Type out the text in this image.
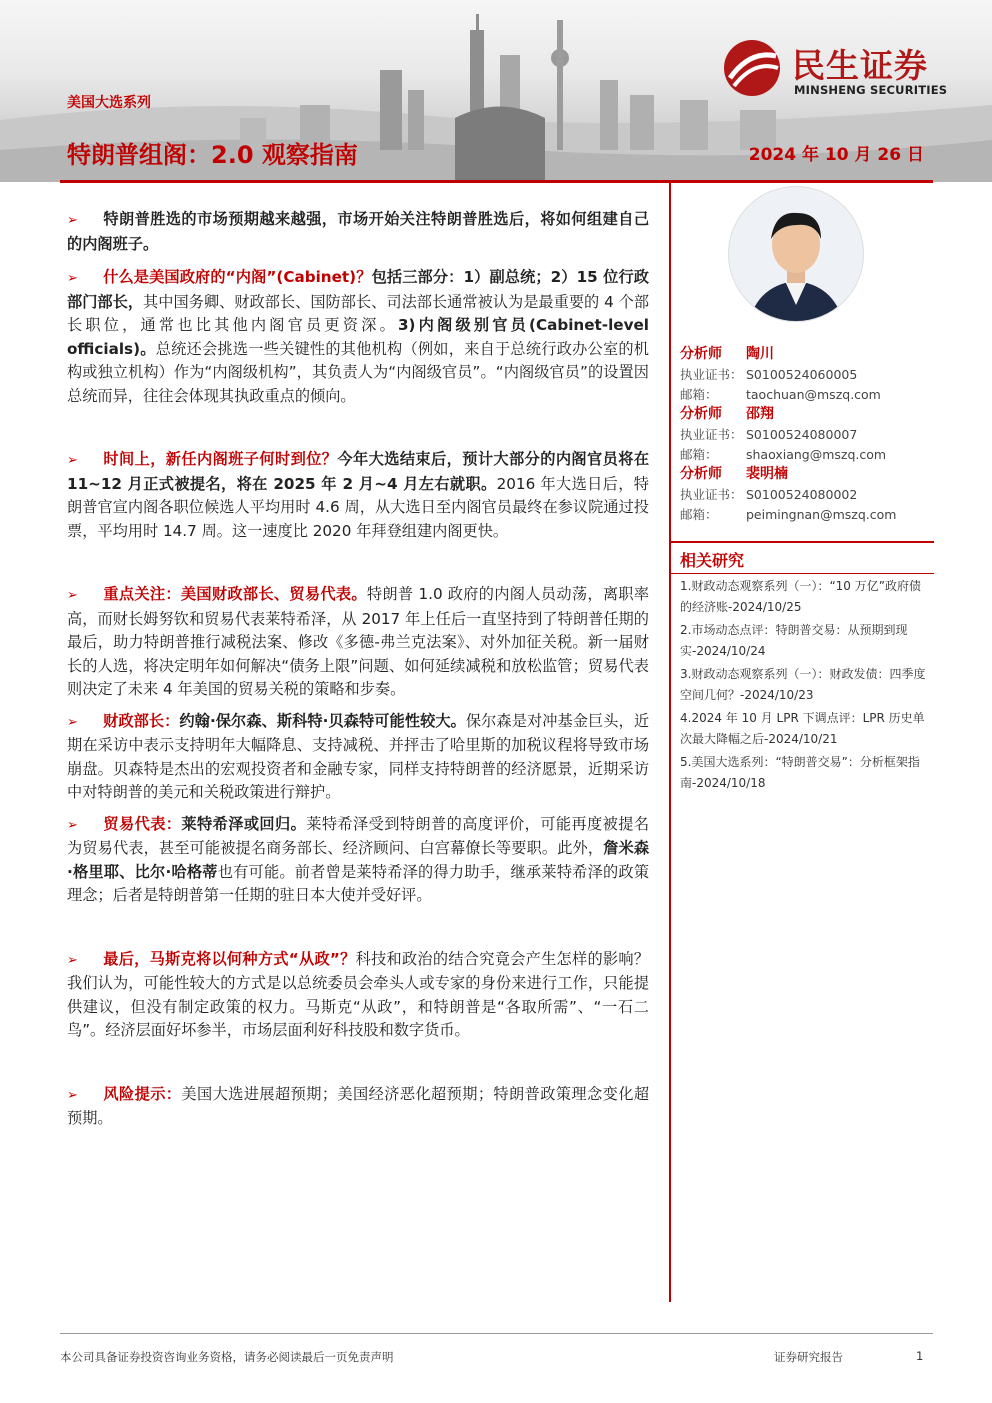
民生证券
MINSHENG SECURITIES
美国大选系列
特朗普组阁：2.0 观察指南	2024 年 10 月 26 日

➢ 特朗普胜选的市场预期越来越强，市场开始关注特朗普胜选后，将如何组建自己的内阁班子。

➢ 什么是美国政府的“内阁”(Cabinet)？包括三部分：1）副总统；2）15 位行政部门部长，其中国务卿、财政部长、国防部长、司法部长通常被认为是最重要的 4 个部长职位，通常也比其他内阁官员更资深。3)内阁级别官员(Cabinet-level officials)。总统还会挑选一些关键性的其他机构（例如，来自于总统行政办公室的机构或独立机构）作为“内阁级机构”，其负责人为“内阁级官员”。“内阁级官员”的设置因总统而异，往往会体现其执政重点的倾向。

➢ 时间上，新任内阁班子何时到位？今年大选结束后，预计大部分的内阁官员将在 11~12 月正式被提名，将在 2025 年 2 月~4 月左右就职。2016 年大选日后，特朗普官宣内阁各职位候选人平均用时 4.6 周，从大选日至内阁官员最终在参议院通过投票，平均用时 14.7 周。这一速度比 2020 年拜登组建内阁更快。

➢ 重点关注：美国财政部长、贸易代表。特朗普 1.0 政府的内阁人员动荡，离职率高，而财长姆努钦和贸易代表莱特希泽，从 2017 年上任后一直坚持到了特朗普任期的最后，助力特朗普推行减税法案、修改《多德-弗兰克法案》、对外加征关税。新一届财长的人选，将决定明年如何解决“债务上限”问题、如何延续减税和放松监管；贸易代表则决定了未来 4 年美国的贸易关税的策略和步奏。

➢ 财政部长：约翰·保尔森、斯科特·贝森特可能性较大。保尔森是对冲基金巨头，近期在采访中表示支持明年大幅降息、支持减税、并抨击了哈里斯的加税议程将导致市场崩盘。贝森特是杰出的宏观投资者和金融专家，同样支持特朗普的经济愿景，近期采访中对特朗普的美元和关税政策进行辩护。

➢ 贸易代表：莱特希泽或回归。莱特希泽受到特朗普的高度评价，可能再度被提名为贸易代表，甚至可能被提名商务部长、经济顾问、白宫幕僚长等要职。此外，詹米森·格里耶、比尔·哈格蒂也有可能。前者曾是莱特希泽的得力助手，继承莱特希泽的政策理念；后者是特朗普第一任期的驻日本大使并受好评。

➢ 最后，马斯克将以何种方式“从政”？科技和政治的结合究竟会产生怎样的影响？我们认为，可能性较大的方式是以总统委员会牵头人或专家的身份来进行工作，只能提供建议，但没有制定政策的权力。马斯克“从政”，和特朗普是“各取所需”、“一石二鸟”。经济层面好坏参半，市场层面利好科技股和数字货币。

➢ 风险提示：美国大选进展超预期；美国经济恶化超预期；特朗普政策理念变化超预期。

分析师 陶川
执业证书： S0100524060005
邮箱： taochuan@mszq.com
分析师 邵翔
执业证书： S0100524080007
邮箱： shaoxiang@mszq.com
分析师 裴明楠
执业证书： S0100524080002
邮箱： peimingnan@mszq.com
相关研究
1.财政动态观察系列（一）：“10 万亿”政府债的经济账-2024/10/25
2.市场动态点评：特朗普交易：从预期到现实-2024/10/24
3.财政动态观察系列（一）：财政发债：四季度空间几何？-2024/10/23
4.2024 年 10 月 LPR 下调点评：LPR 历史单次最大降幅之后-2024/10/21
5.美国大选系列：“特朗普交易”：分析框架指南-2024/10/18
本公司具备证券投资咨询业务资格，请务必阅读最后一页免责声明	证券研究报告	1
